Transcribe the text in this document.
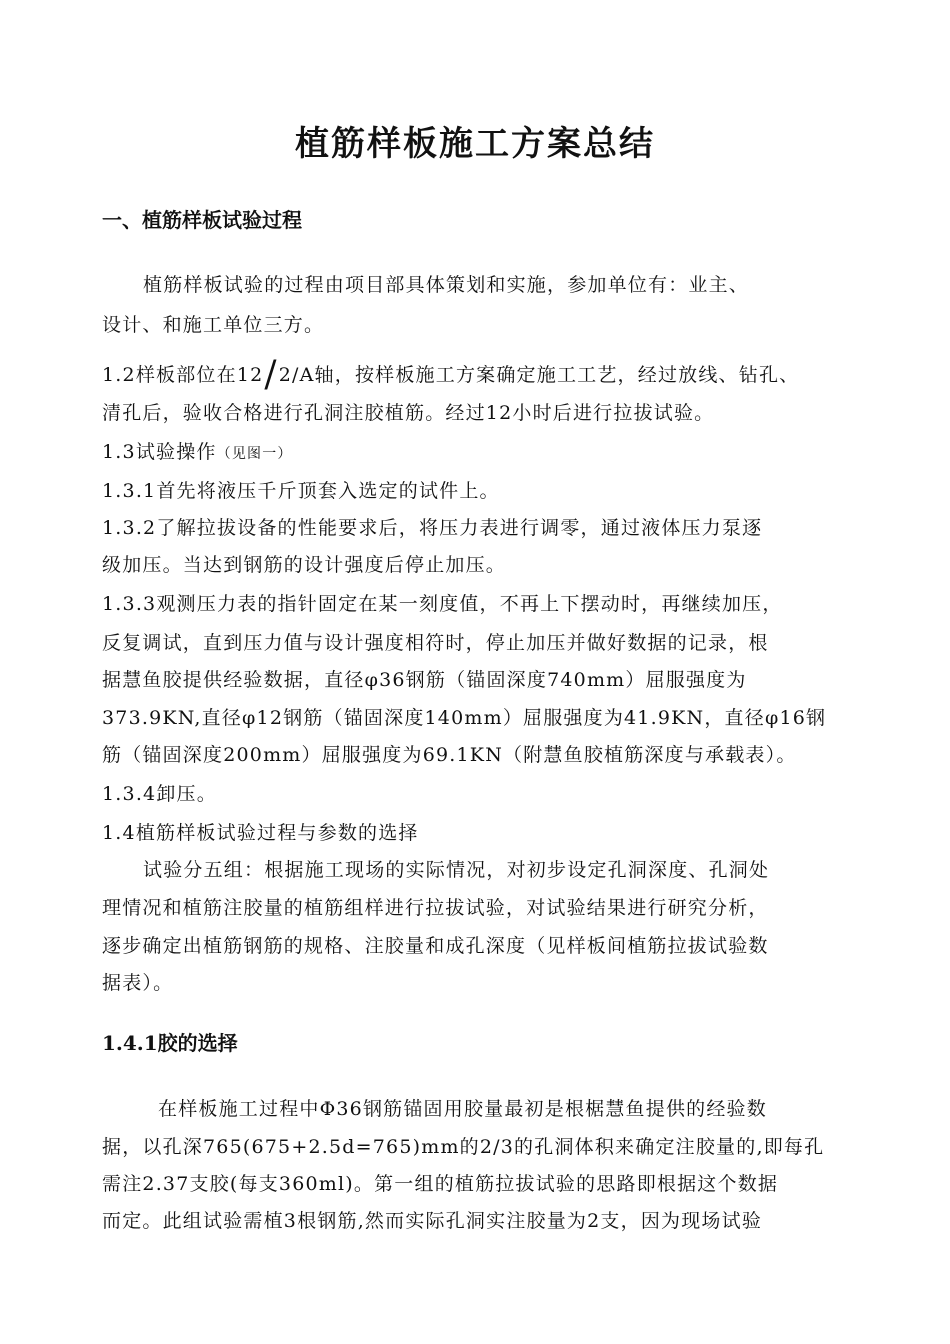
植筋样板施工方案总结
一、植筋样板试验过程
植筋样板试验的过程由项目部具体策划和实施，参加单位有：业主、
设计、和施工单位三方。
1.2样板部位在12/2/A轴，按样板施工方案确定施工工艺，经过放线、钻孔、
清孔后，验收合格进行孔洞注胶植筋。经过12小时后进行拉拔试验。
1.3试验操作（见图一）
1.3.1首先将液压千斤顶套入选定的试件上。
1.3.2了解拉拔设备的性能要求后，将压力表进行调零，通过液体压力泵逐
级加压。当达到钢筋的设计强度后停止加压。
1.3.3观测压力表的指针固定在某一刻度值，不再上下摆动时，再继续加压，
反复调试，直到压力值与设计强度相符时，停止加压并做好数据的记录，根
据慧鱼胶提供经验数据，直径φ36钢筋（锚固深度740mm）屈服强度为
373.9KN,直径φ12钢筋（锚固深度140mm）屈服强度为41.9KN，直径φ16钢
筋（锚固深度200mm）屈服强度为69.1KN（附慧鱼胶植筋深度与承载表）。
1.3.4卸压。
1.4植筋样板试验过程与参数的选择
试验分五组：根据施工现场的实际情况，对初步设定孔洞深度、孔洞处
理情况和植筋注胶量的植筋组样进行拉拔试验，对试验结果进行研究分析，
逐步确定出植筋钢筋的规格、注胶量和成孔深度（见样板间植筋拉拔试验数
据表）。
1.4.1胶的选择
在样板施工过程中Φ36钢筋锚固用胶量最初是根椐慧鱼提供的经验数
据，以孔深765(675+2.5d=765)mm的2/3的孔洞体积来确定注胶量的,即每孔
需注2.37支胶(每支360ml)。第一组的植筋拉拔试验的思路即根据这个数据
而定。此组试验需植3根钢筋,然而实际孔洞实注胶量为2支，因为现场试验
